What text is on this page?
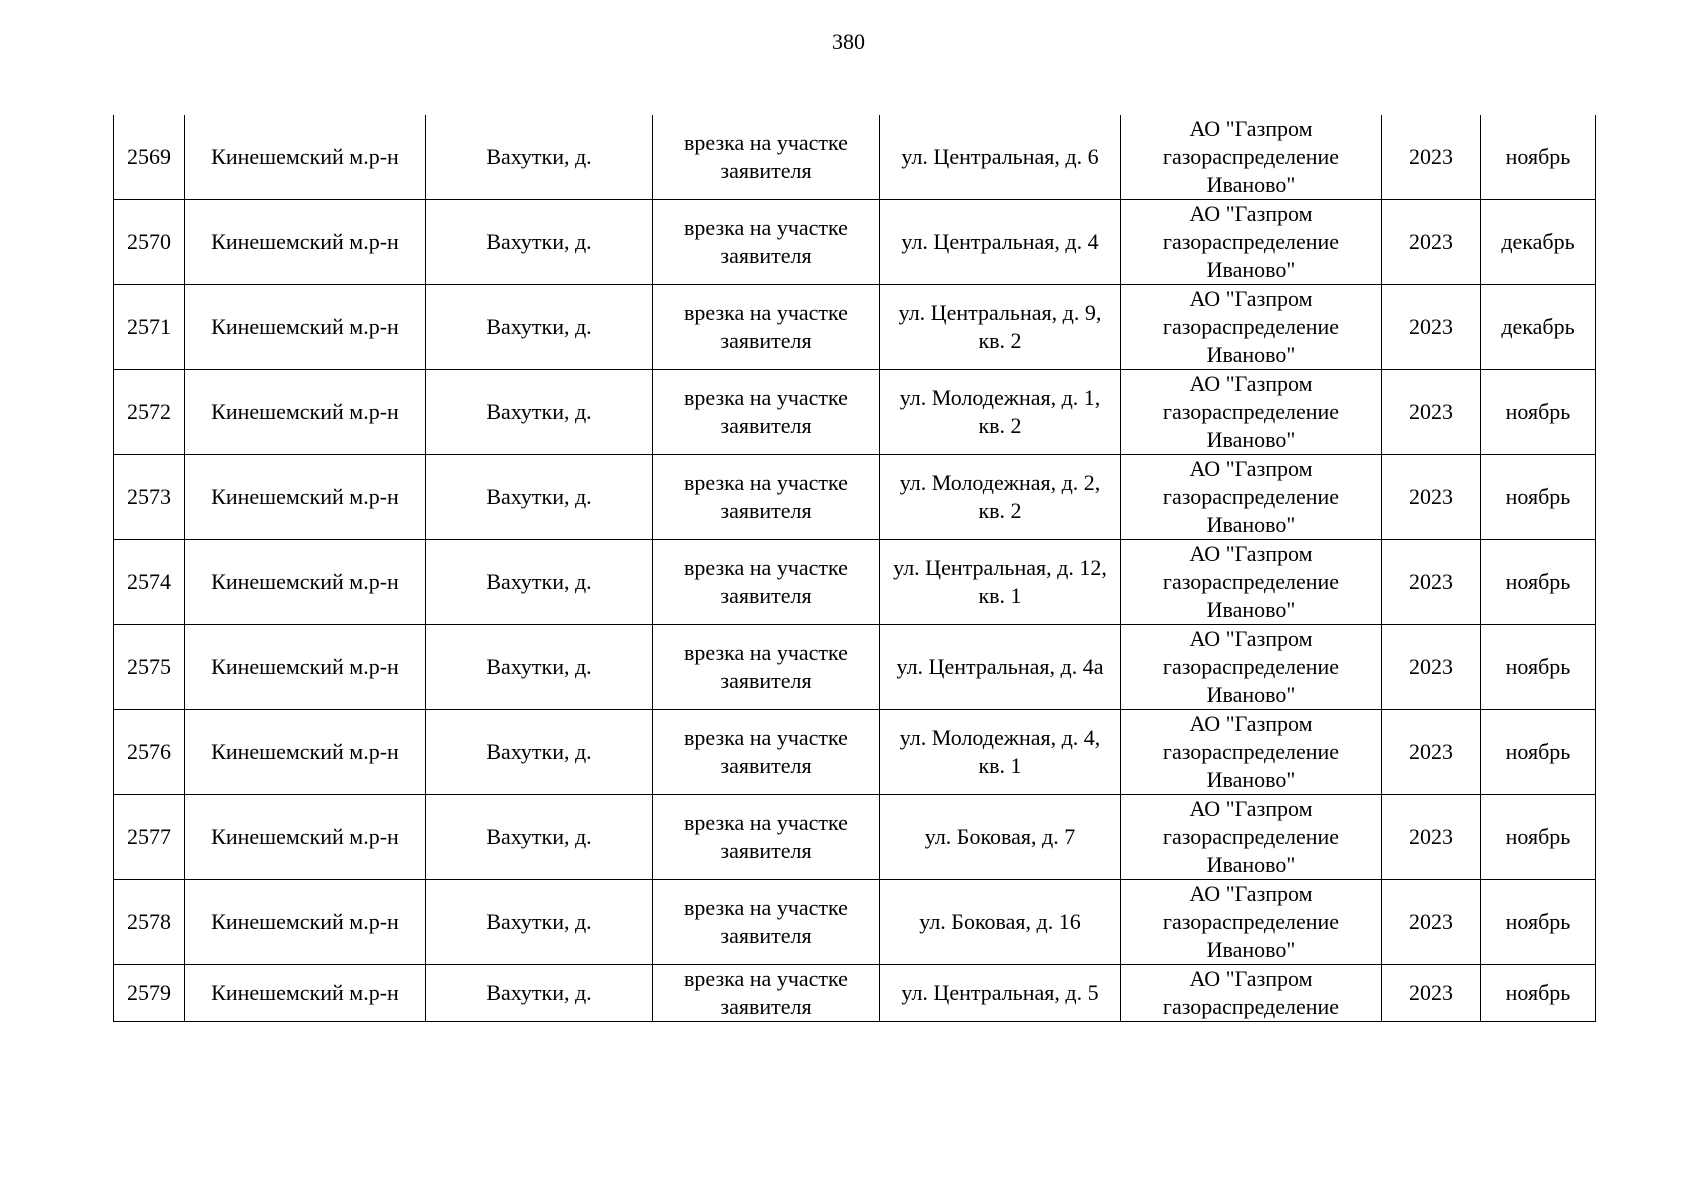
380
2569	Кинешемский м.р-н	Вахутки, д.	врезка на участке заявителя	ул. Центральная, д. 6	АО "Газпром газораспределение Иваново"	2023	ноябрь
2570	Кинешемский м.р-н	Вахутки, д.	врезка на участке заявителя	ул. Центральная, д. 4	АО "Газпром газораспределение Иваново"	2023	декабрь
2571	Кинешемский м.р-н	Вахутки, д.	врезка на участке заявителя	ул. Центральная, д. 9, кв. 2	АО "Газпром газораспределение Иваново"	2023	декабрь
2572	Кинешемский м.р-н	Вахутки, д.	врезка на участке заявителя	ул. Молодежная, д. 1, кв. 2	АО "Газпром газораспределение Иваново"	2023	ноябрь
2573	Кинешемский м.р-н	Вахутки, д.	врезка на участке заявителя	ул. Молодежная, д. 2, кв. 2	АО "Газпром газораспределение Иваново"	2023	ноябрь
2574	Кинешемский м.р-н	Вахутки, д.	врезка на участке заявителя	ул. Центральная, д. 12, кв. 1	АО "Газпром газораспределение Иваново"	2023	ноябрь
2575	Кинешемский м.р-н	Вахутки, д.	врезка на участке заявителя	ул. Центральная, д. 4а	АО "Газпром газораспределение Иваново"	2023	ноябрь
2576	Кинешемский м.р-н	Вахутки, д.	врезка на участке заявителя	ул. Молодежная, д. 4, кв. 1	АО "Газпром газораспределение Иваново"	2023	ноябрь
2577	Кинешемский м.р-н	Вахутки, д.	врезка на участке заявителя	ул. Боковая, д. 7	АО "Газпром газораспределение Иваново"	2023	ноябрь
2578	Кинешемский м.р-н	Вахутки, д.	врезка на участке заявителя	ул. Боковая, д. 16	АО "Газпром газораспределение Иваново"	2023	ноябрь
2579	Кинешемский м.р-н	Вахутки, д.	врезка на участке заявителя	ул. Центральная, д. 5	АО "Газпром газораспределение	2023	ноябрь
